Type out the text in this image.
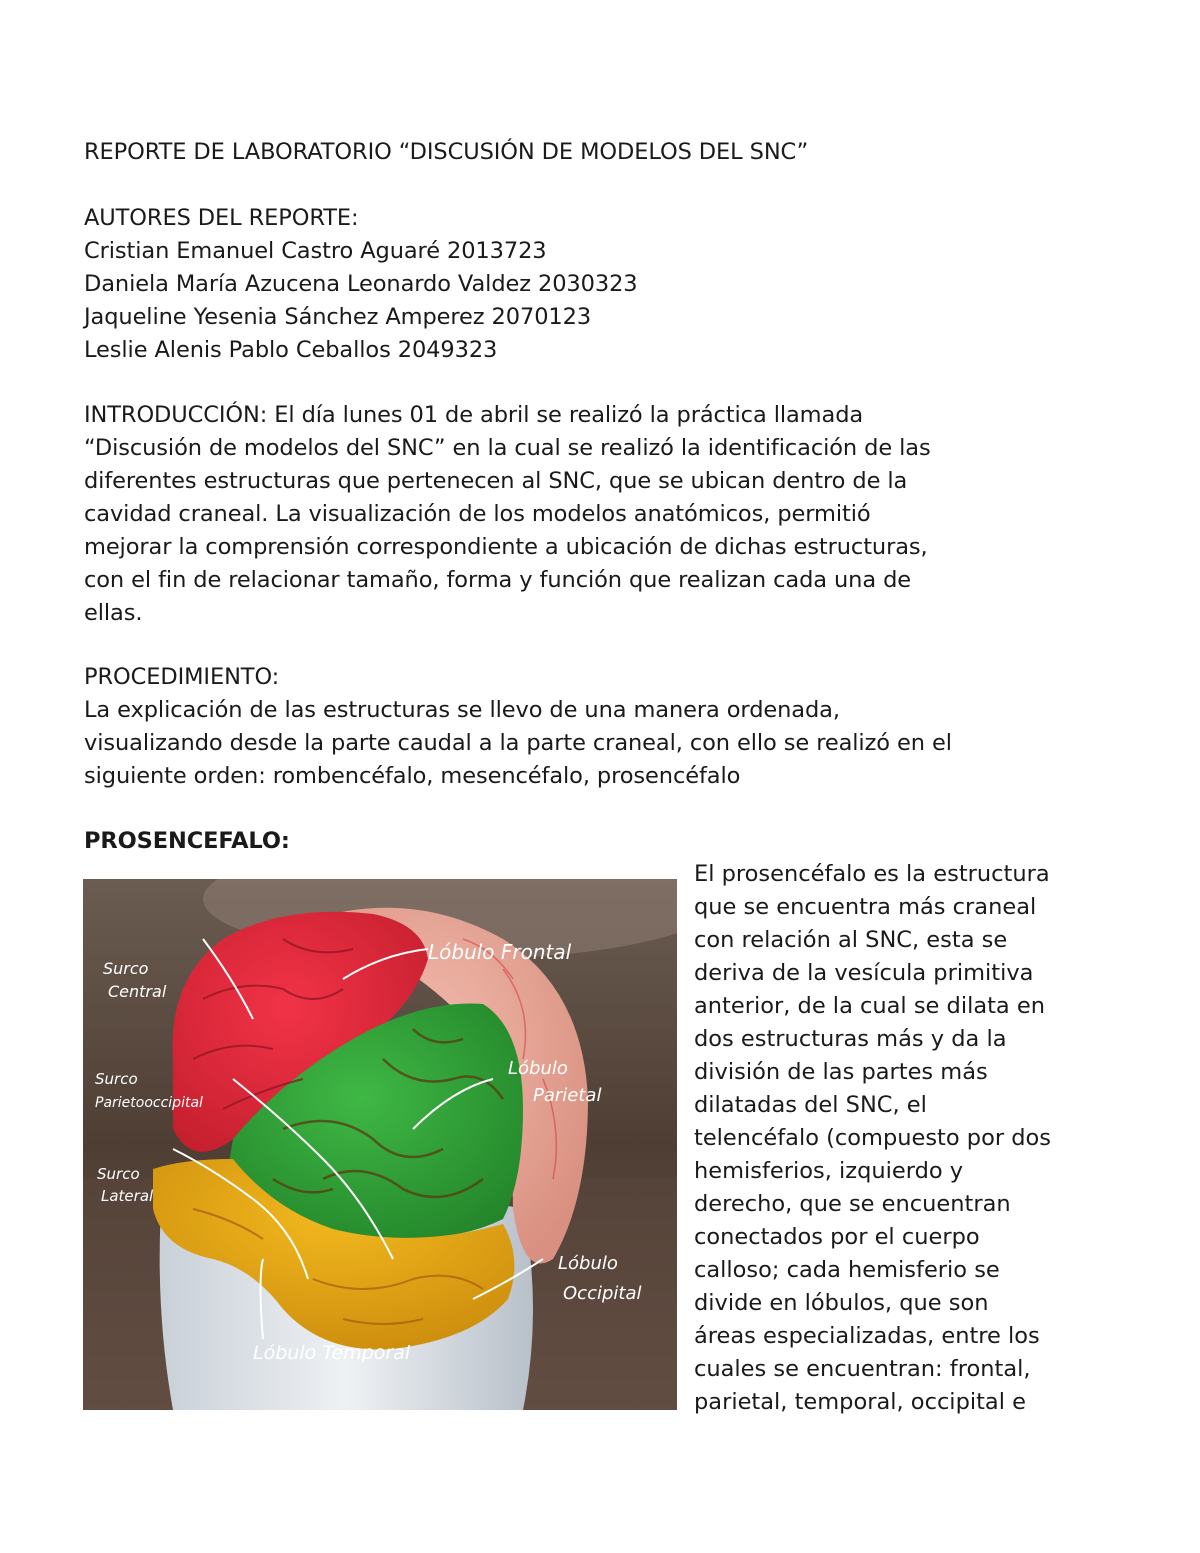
REPORTE DE LABORATORIO “DISCUSIÓN DE MODELOS DEL SNC”
AUTORES DEL REPORTE:
Cristian Emanuel Castro Aguaré 2013723
Daniela María Azucena Leonardo Valdez 2030323
Jaqueline Yesenia Sánchez Amperez 2070123
Leslie Alenis Pablo Ceballos 2049323
INTRODUCCIÓN: El día lunes 01 de abril se realizó la práctica llamada
“Discusión de modelos del SNC” en la cual se realizó la identificación de las
diferentes estructuras que pertenecen al SNC, que se ubican dentro de la
cavidad craneal. La visualización de los modelos anatómicos, permitió
mejorar la comprensión correspondiente a ubicación de dichas estructuras,
con el fin de relacionar tamaño, forma y función que realizan cada una de
ellas.
PROCEDIMIENTO:
La explicación de las estructuras se llevo de una manera ordenada,
visualizando desde la parte caudal a la parte craneal, con ello se realizó en el
siguiente orden: rombencéfalo, mesencéfalo, prosencéfalo
PROSENCEFALO:
Lóbulo Frontal
Surco
Central
Surco
Parietooccipital
Lóbulo
Parietal
Surco
Lateral
Lóbulo
Occipital
Lóbulo Temporal
El prosencéfalo es la estructura
que se encuentra más craneal
con relación al SNC, esta se
deriva de la vesícula primitiva
anterior, de la cual se dilata en
dos estructuras más y da la
división de las partes más
dilatadas del SNC, el
telencéfalo (compuesto por dos
hemisferios, izquierdo y
derecho, que se encuentran
conectados por el cuerpo
calloso; cada hemisferio se
divide en lóbulos, que son
áreas especializadas, entre los
cuales se encuentran: frontal,
parietal, temporal, occipital e
